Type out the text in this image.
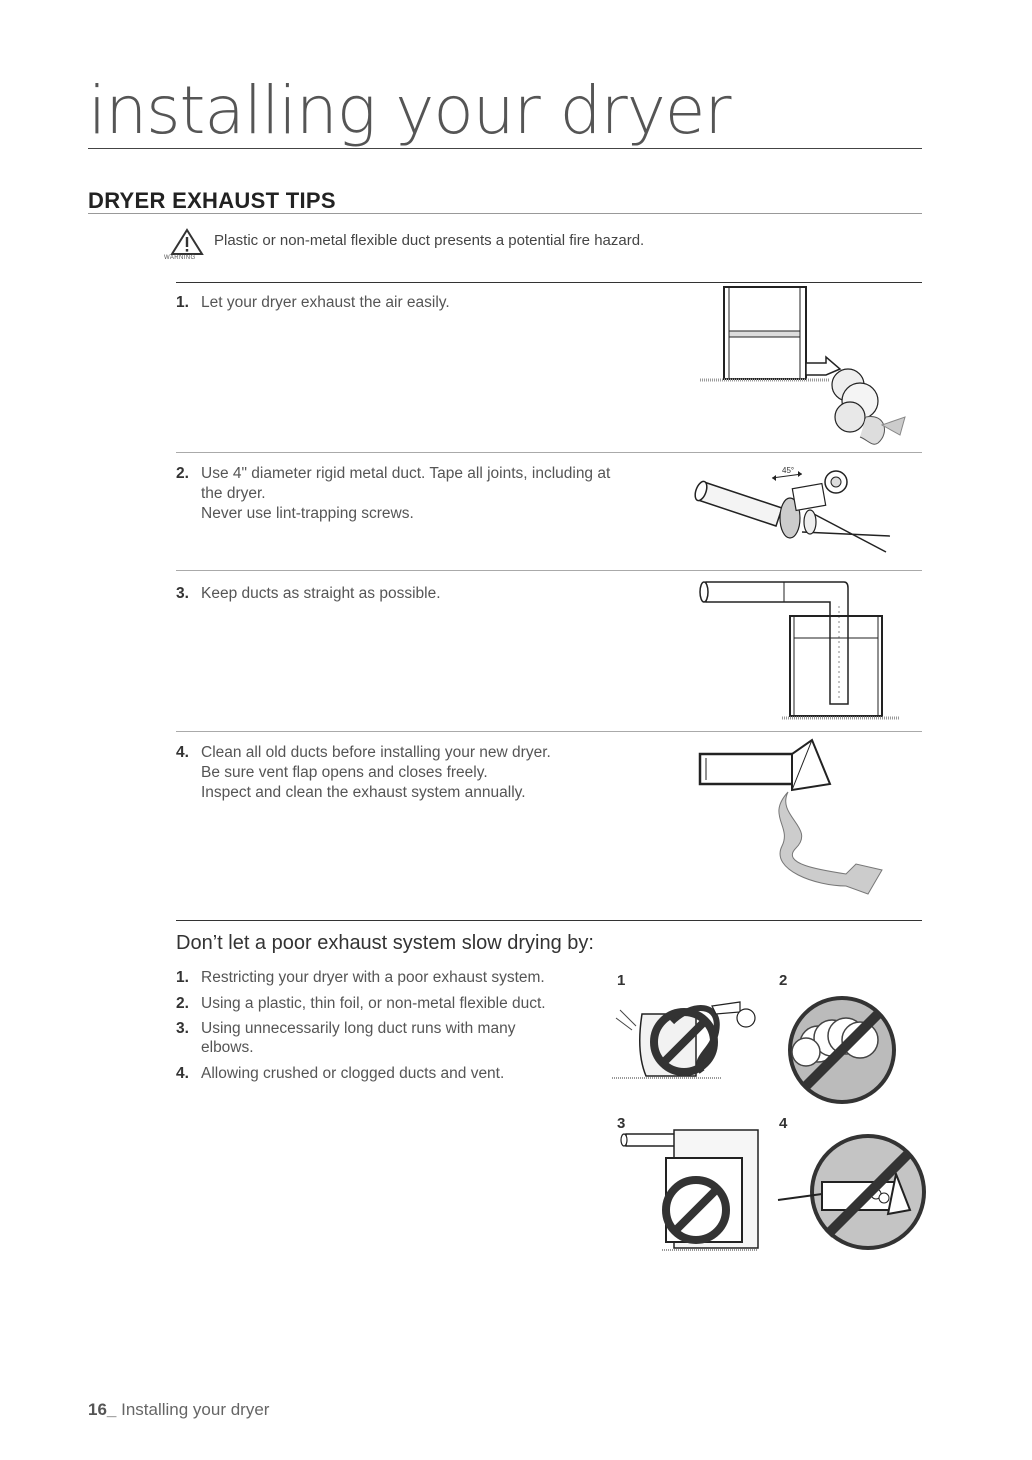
installing your dryer
DRYER EXHAUST TIPS
Plastic or non-metal flexible duct presents a potential fire hazard.
WARNING
1. Let your dryer exhaust the air easily.
2. Use 4" diameter rigid metal duct. Tape all joints, including at
the dryer.
Never use lint-trapping screws.
45°
3. Keep ducts as straight as possible.
4. Clean all old ducts before installing your new dryer.
Be sure vent flap opens and closes freely.
Inspect and clean the exhaust system annually.
Don’t let a poor exhaust system slow drying by:
1. Restricting your dryer with a poor exhaust system.
2. Using a plastic, thin foil, or non-metal flexible duct.
3. Using unnecessarily long duct runs with many
elbows.
4. Allowing crushed or clogged ducts and vent.
1	2
3	4
16_ Installing your dryer
